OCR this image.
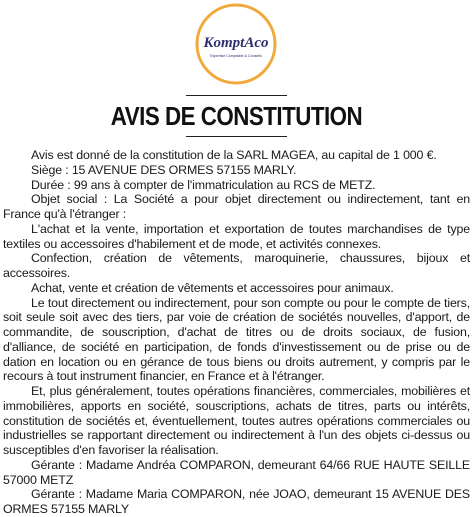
KomptAco
Expertise Comptable & Conseils
AVIS DE CONSTITUTION

Avis est donné de la constitution de la SARL MAGEA, au capital de 1 000 €.

Siège : 15 AVENUE DES ORMES 57155 MARLY.

Durée : 99 ans à compter de l'immatriculation au RCS de METZ.

Objet social : La Société a pour objet directement ou indirectement, tant en France qu'à l'étranger :

L'achat et la vente, importation et exportation de toutes marchandises de type textiles ou accessoires d'habilement et de mode, et activités connexes.

Confection, création de vêtements, maroquinerie, chaussures, bijoux et accessoires.

Achat, vente et création de vêtements et accessoires pour animaux.

Le tout directement ou indirectement, pour son compte ou pour le compte de tiers, soit seule soit avec des tiers, par voie de création de sociétés nouvelles, d'apport, de commandite, de souscription, d'achat de titres ou de droits sociaux, de fusion, d'alliance, de société en participation, de fonds d'investissement ou de prise ou de dation en location ou en gérance de tous biens ou droits autrement, y compris par le recours à tout instrument financier, en France et à l'étranger.

Et, plus généralement, toutes opérations financières, commerciales, mobilières et immobilières, apports en société, souscriptions, achats de titres, parts ou intérêts, constitution de sociétés et, éventuellement, toutes autres opérations commerciales ou industrielles se rapportant directement ou indirectement à l'un des objets ci-dessus ou susceptibles d'en favoriser la réalisation.

Gérante : Madame Andréa COMPARON, demeurant 64/66 RUE HAUTE SEILLE 57000 METZ

Gérante : Madame Maria COMPARON, née JOAO, demeurant 15 AVENUE DES ORMES 57155 MARLY
